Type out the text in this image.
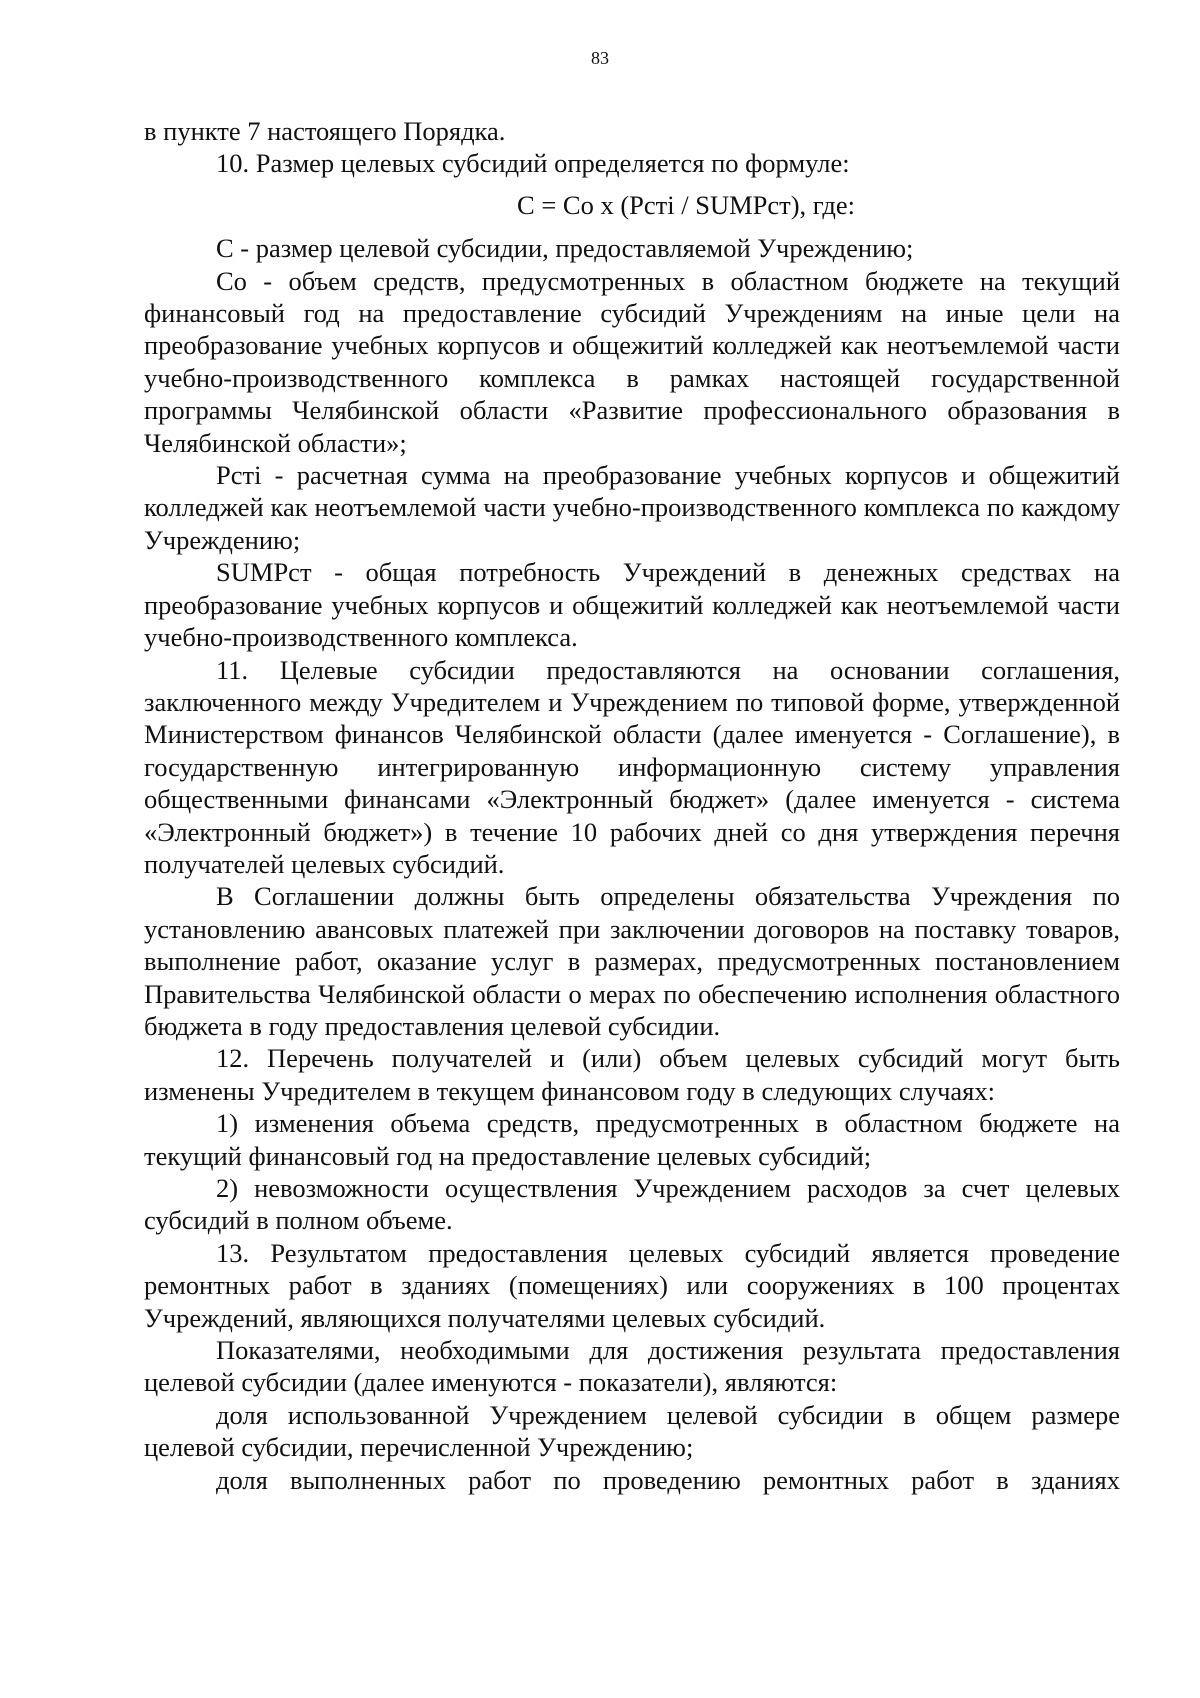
83

в пункте 7 настоящего Порядка.

10. Размер целевых субсидий определяется по формуле:

С = Со х (Рсті / SUMРст), где:

С - размер целевой субсидии, предоставляемой Учреждению;

Со - объем средств, предусмотренных в областном бюджете на текущий финансовый год на предоставление субсидий Учреждениям на иные цели на преобразование учебных корпусов и общежитий колледжей как неотъемлемой части учебно-производственного комплекса в рамках настоящей государственной программы Челябинской области «Развитие профессионального образования в Челябинской области»;

Рсті - расчетная сумма на преобразование учебных корпусов и общежитий колледжей как неотъемлемой части учебно-производственного комплекса по каждому Учреждению;

SUMРст - общая потребность Учреждений в денежных средствах на преобразование учебных корпусов и общежитий колледжей как неотъемлемой части учебно-производственного комплекса.

11. Целевые субсидии предоставляются на основании соглашения, заключенного между Учредителем и Учреждением по типовой форме, утвержденной Министерством финансов Челябинской области (далее именуется - Соглашение), в государственную интегрированную информационную систему управления общественными финансами «Электронный бюджет» (далее именуется - система «Электронный бюджет») в течение 10 рабочих дней со дня утверждения перечня получателей целевых субсидий.

В Соглашении должны быть определены обязательства Учреждения по установлению авансовых платежей при заключении договоров на поставку товаров, выполнение работ, оказание услуг в размерах, предусмотренных постановлением Правительства Челябинской области о мерах по обеспечению исполнения областного бюджета в году предоставления целевой субсидии.

12. Перечень получателей и (или) объем целевых субсидий могут быть изменены Учредителем в текущем финансовом году в следующих случаях:

1) изменения объема средств, предусмотренных в областном бюджете на текущий финансовый год на предоставление целевых субсидий;

2) невозможности осуществления Учреждением расходов за счет целевых субсидий в полном объеме.

13. Результатом предоставления целевых субсидий является проведение ремонтных работ в зданиях (помещениях) или сооружениях в 100 процентах Учреждений, являющихся получателями целевых субсидий.

Показателями, необходимыми для достижения результата предоставления целевой субсидии (далее именуются - показатели), являются:

доля использованной Учреждением целевой субсидии в общем размере целевой субсидии, перечисленной Учреждению;

доля выполненных работ по проведению ремонтных работ в зданиях
